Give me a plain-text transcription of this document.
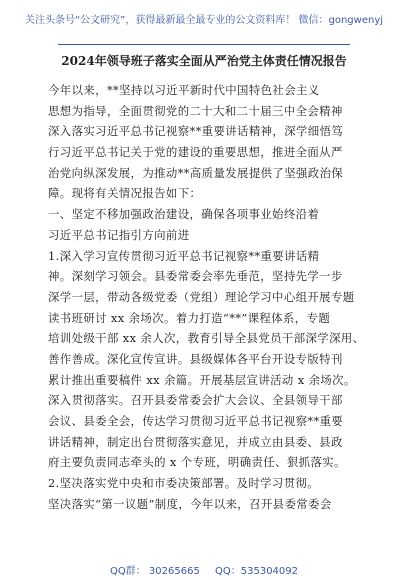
关注头条号“公文研究”，获得最新最全最专业的公文资料库！ 微信：gongwenyj
2024年领导班子落实全面从严治党主体责任情况报告
今年以来，**坚持以习近平新时代中国特色社会主义
思想为指导，全面贯彻党的二十大和二十届三中全会精神
深入落实习近平总书记视察**重要讲话精神，深学细悟笃
行习近平总书记关于党的建设的重要思想，推进全面从严
治党向纵深发展，为推动**高质量发展提供了坚强政治保
障。现将有关情况报告如下：
一、坚定不移加强政治建设，确保各项事业始终沿着
习近平总书记指引方向前进
1.深入学习宣传贯彻习近平总书记视察**重要讲话精
神。深刻学习领会。县委常委会率先垂范，坚持先学一步
深学一层，带动各级党委（党组）理论学习中心组开展专题
读书班研讨 xx 余场次。着力打造“**”课程体系，专题
培训处级干部 xx 余人次，教育引导全县党员干部深学深用、
善作善成。深化宣传宣讲。县级媒体各平台开设专版特刊
累计推出重要稿件 xx 余篇。开展基层宣讲活动 x 余场次。
深入贯彻落实。召开县委常委会扩大会议、全县领导干部
会议、县委全会，传达学习贯彻习近平总书记视察**重要
讲话精神，制定出台贯彻落实意见，并成立由县委、县政
府主要负责同志牵头的 x 个专班，明确责任、狠抓落实。
2.坚决落实党中央和市委决策部署。及时学习贯彻。
坚决落实“第一议题”制度，今年以来，召开县委常委会
QQ群： 30265665 QQ：535304092
